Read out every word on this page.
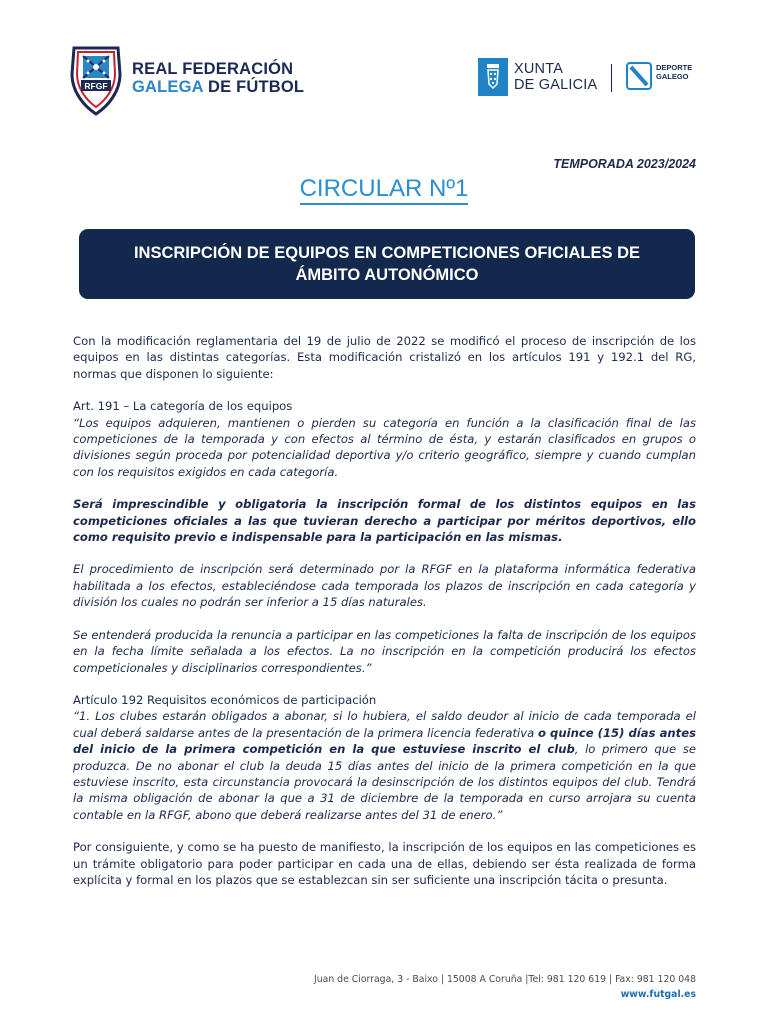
RFGF
REAL FEDERACIÓN
GALEGA DE FÚTBOL
XUNTA
DE GALICIA
DEPORTE
GALEGO
TEMPORADA 2023/2024
CIRCULAR Nº1
INSCRIPCIÓN DE EQUIPOS EN COMPETICIONES OFICIALES DE
ÁMBITO AUTONÓMICO

Con la modificación reglamentaria del 19 de julio de 2022 se modificó el proceso de inscripción de los equipos en las distintas categorías. Esta modificación cristalizó en los artículos 191 y 192.1 del RG, normas que disponen lo siguiente:

Art. 191 – La categoría de los equipos

“Los equipos adquieren, mantienen o pierden su categoría en función a la clasificación final de las competiciones de la temporada y con efectos al término de ésta, y estarán clasificados en grupos o divisiones según proceda por potencialidad deportiva y/o criterio geográfico, siempre y cuando cumplan con los requisitos exigidos en cada categoría.

Será imprescindible y obligatoria la inscripción formal de los distintos equipos en las competiciones oficiales a las que tuvieran derecho a participar por méritos deportivos, ello como requisito previo e indispensable para la participación en las mismas.

El procedimiento de inscripción será determinado por la RFGF en la plataforma informática federativa habilitada a los efectos, estableciéndose cada temporada los plazos de inscripción en cada categoría y división los cuales no podrán ser inferior a 15 días naturales.

Se entenderá producida la renuncia a participar en las competiciones la falta de inscripción de los equipos en la fecha límite señalada a los efectos. La no inscripción en la competición producirá los efectos competicionales y disciplinarios correspondientes.”

Artículo 192 Requisitos económicos de participación

“1. Los clubes estarán obligados a abonar, si lo hubiera, el saldo deudor al inicio de cada temporada el cual deberá saldarse antes de la presentación de la primera licencia federativa o quince (15) días antes del inicio de la primera competición en la que estuviese inscrito el club, lo primero que se produzca. De no abonar el club la deuda 15 días antes del inicio de la primera competición en la que estuviese inscrito, esta circunstancia provocará la desinscripción de los distintos equipos del club. Tendrá la misma obligación de abonar la que a 31 de diciembre de la temporada en curso arrojara su cuenta contable en la RFGF, abono que deberá realizarse antes del 31 de enero.”

Por consiguiente, y como se ha puesto de manifiesto, la inscripción de los equipos en las competiciones es un trámite obligatorio para poder participar en cada una de ellas, debiendo ser ésta realizada de forma explícita y formal en los plazos que se establezcan sin ser suficiente una inscripción tácita o presunta.

Juan de Ciorraga, 3 - Baixo | 15008 A Coruña |Tel: 981 120 619 | Fax: 981 120 048
www.futgal.es
